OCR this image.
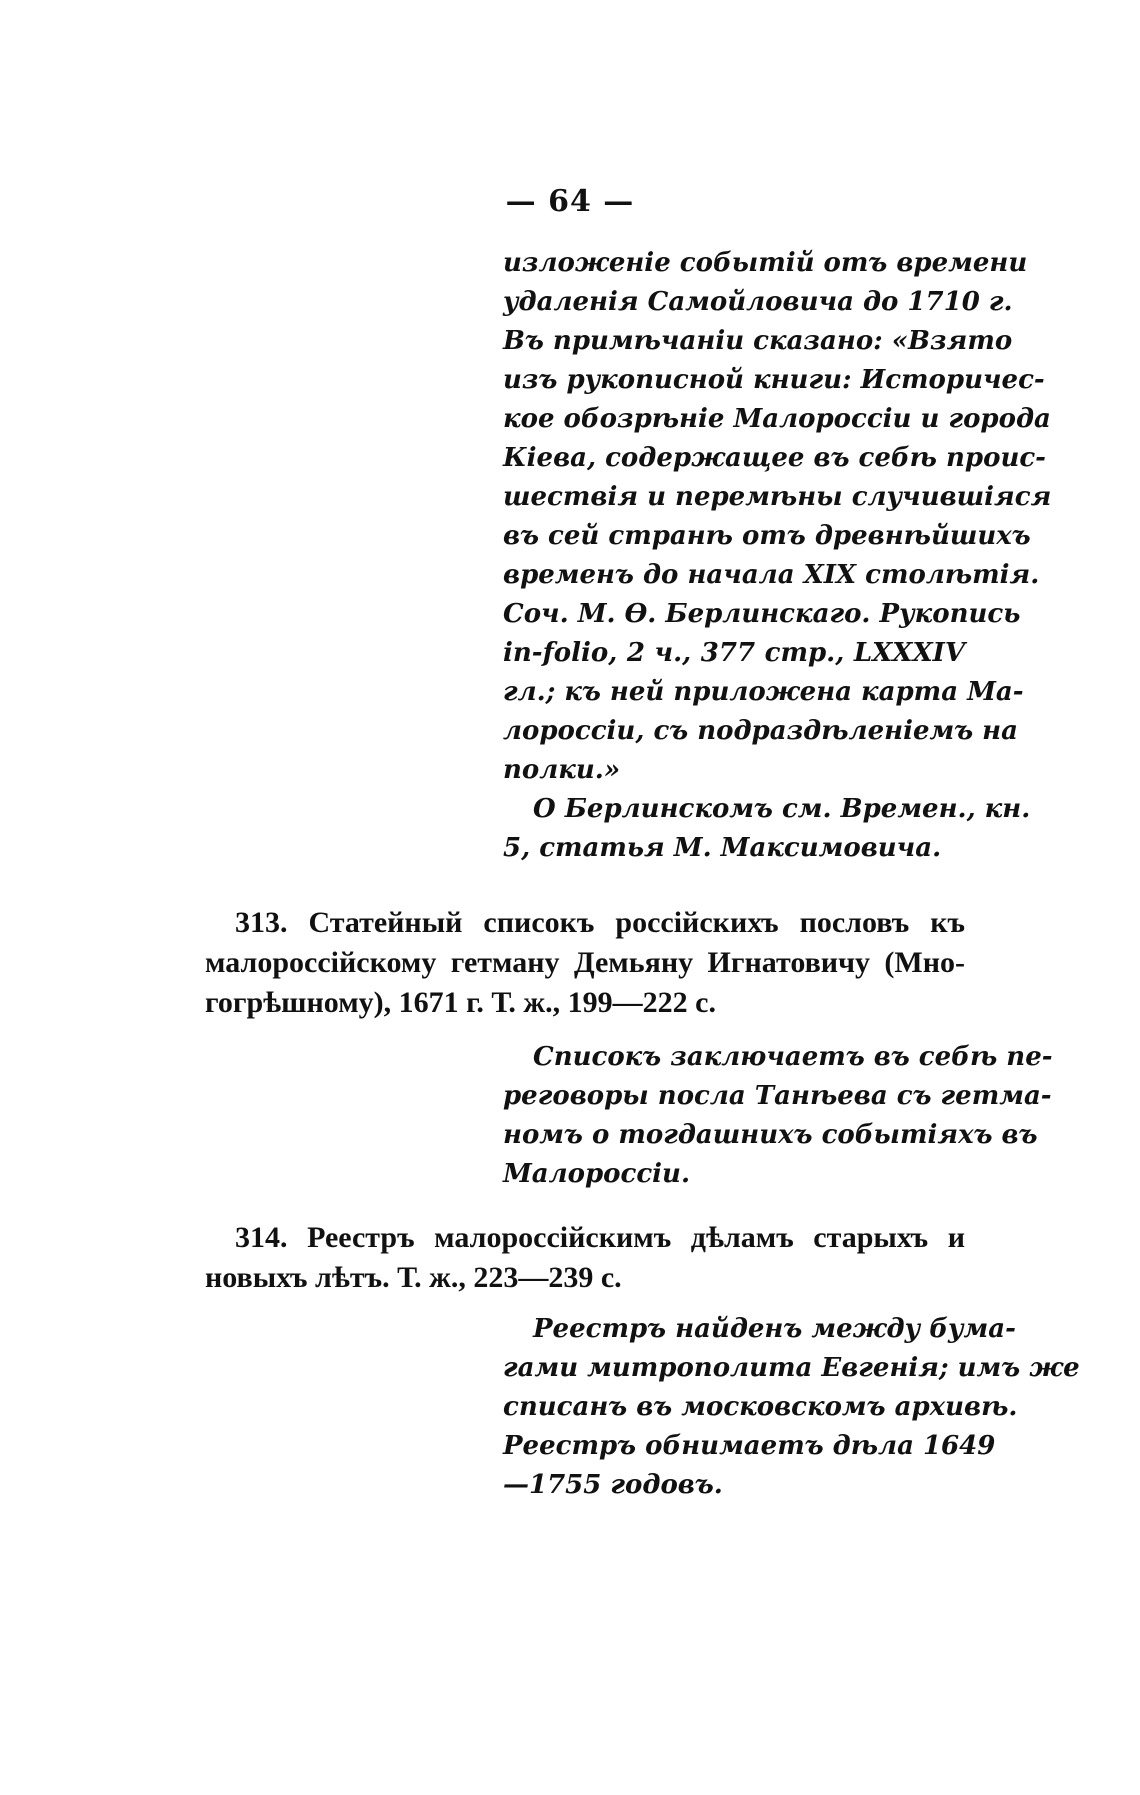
— 64 —
изложеніе событій отъ времени
удаленія Самойловича до 1710 г.
Въ примѣчаніи сказано: «Взято
изъ рукописной книги: Историчес-
кое обозрѣніе Малороссіи и города
Кіева, содержащее въ себѣ проис-
шествія и перемѣны случившіяся
въ сей странѣ отъ древнѣйшихъ
временъ до начала XIX столѣтія.
Соч. М. Ѳ. Берлинскаго. Рукопись
in-folio, 2 ч., 377 стр., LXXXIV
гл.; къ ней приложена карта Ма-
лороссіи, съ подраздѣленіемъ на
полки.»
О Берлинскомъ см. Времен., кн.
5, статья М. Максимовича.
313. Статейный списокъ россійскихъ пословъ къ
малороссійскому гетману Демьяну Игнатовичу (Мно-
гогрѣшному), 1671 г. Т. ж., 199—222 с.
Списокъ заключаетъ въ себѣ пе-
реговоры посла Танѣева съ гетма-
номъ о тогдашнихъ событіяхъ въ
Малороссіи.
314. Реестръ малороссійскимъ дѣламъ старыхъ и
новыхъ лѣтъ. Т. ж., 223—239 с.
Реестръ найденъ между бума-
гами митрополита Евгенія; имъ же
списанъ въ московскомъ архивѣ.
Реестръ обнимаетъ дѣла 1649
—1755 годовъ.
